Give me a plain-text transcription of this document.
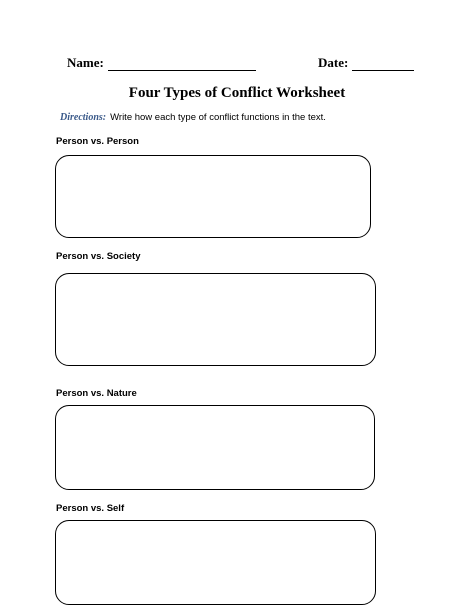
Name:	Date:
Four Types of Conflict Worksheet
Directions: Write how each type of conflict functions in the text.
Person vs. Person
Person vs. Society
Person vs. Nature
Person vs. Self
